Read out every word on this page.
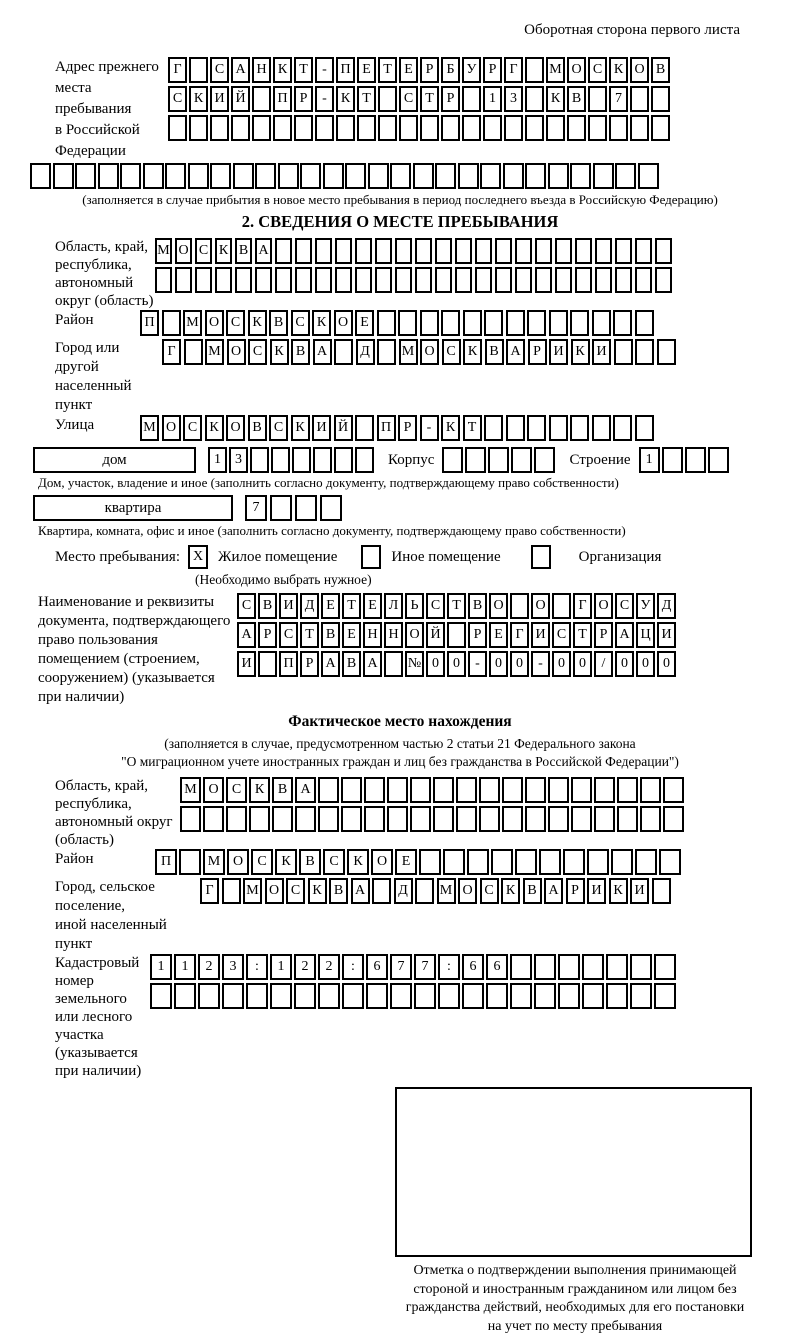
Оборотная сторона первого листа
Адрес прежнего
места пребывания
в Российской
Федерации
Г	С А Н К Т	- П Е Т Е Р Б У Р Г	М О С К О В
С К И Й	П Р	-	К Т	С Т Р	1	3	К В	7
(заполняется в случае прибытия в новое место пребывания в период последнего въезда в Российскую Федерацию)
2. СВЕДЕНИЯ О МЕСТЕ ПРЕБЫВАНИЯ
Область, край,
республика,
автономный
округ (область)
М О С К В А
Район	П	М О С К В С К О Е
Город или другой
населенный пункт
Г	М О С К В А	Д	М О С К В А Р И К И
Улица	М О С К О В С К И Й	П Р	-	К Т
дом	1	3	Корпус	Строение	1
Дом, участок, владение и иное (заполнить согласно документу, подтверждающему право собственности)
квартира	7
Квартира, комната, офис и иное (заполнить согласно документу, подтверждающему право собственности)
Место пребывания: X Жилое помещение	Иное помещение	Организация
(Необходимо выбрать нужное)
Наименование и реквизиты
документа, подтверждающего
право пользования
помещением (строением,
сооружением) (указывается
при наличии)
С В И Д Е Т Е Л Ь С Т В О	О	Г О С У Д
А Р С Т В Е Н Н О Й	Р Е Г И С Т Р А Ц И
И	П Р А В А	№ 0	0	-	0	0	-	0	0	/	0	0	0
Фактическое место нахождения
(заполняется в случае, предусмотренном частью 2 статьи 21 Федерального закона
"О миграционном учете иностранных граждан и лиц без гражданства в Российской Федерации")
Область, край,
республика,
автономный округ
(область)
М О С К В А
Район	П	М О	С	К	В	С	К	О	Е
Город, сельское поселение,
иной населенный пункт
Г	М О С К В А	Д	М О С К В А Р И К И
Кадастровый номер
земельного или лесного
участка (указывается
при наличии)
1	1	2	3	:	1	2	2	:	6	7	7	:	6	6
Отметка о подтверждении выполнения принимающей
стороной и иностранным гражданином или лицом без
гражданства действий, необходимых для его постановки
на учет по месту пребывания
